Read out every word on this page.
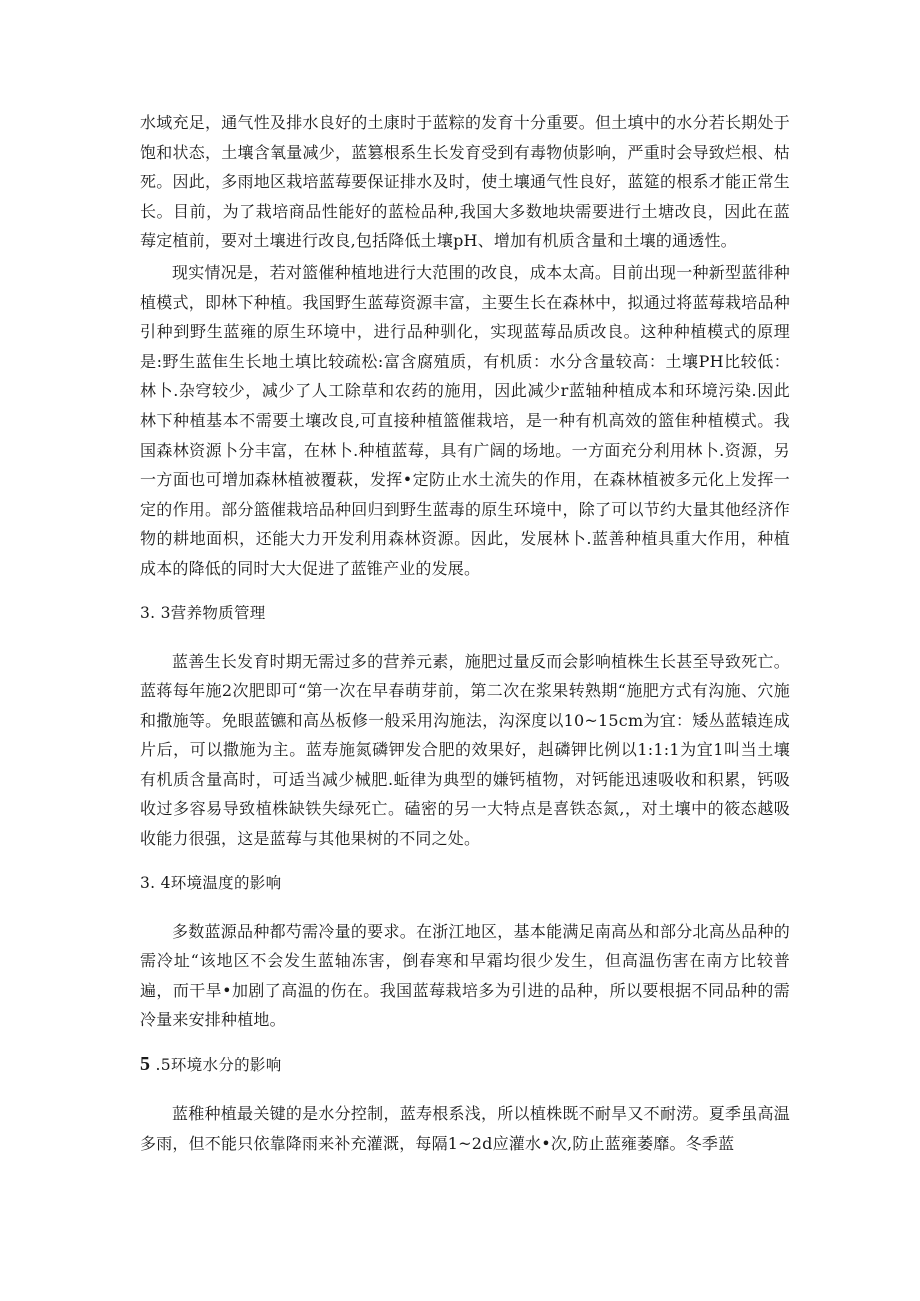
水域充足，通气性及排水良好的土康时于蓝粽的发育十分重要。但土填中的水分若长期处于饱和状态，土壤含氧量减少，蓝篡根系生长发育受到有毒物侦影响，严重时会导致烂根、枯死。因此，多雨地区栽培蓝莓要保证排水及时，使土壤通气性良好，蓝筵的根系才能正常生长。目前，为了栽培商品性能好的蓝检品种,我国大多数地块需要进行土塘改良，因此在蓝莓定植前，要对土壤进行改良,包括降低土壤pH、增加有机质含量和土壤的通透性。

现实情况是，若对篮催种植地进行大范围的改良，成本太高。目前出现一种新型蓝徘种植模式，即林下种植。我国野生蓝莓资源丰富，主要生长在森林中，拟通过将蓝莓栽培品种引种到野生蓝雍的原生环境中，进行品种驯化，实现蓝莓品质改良。这种种植模式的原理是:野生蓝隹生长地土填比较疏松:富含腐殖质，有机质：水分含量较高：土壤PH比较低：林卜.杂穹较少，减少了人工除草和农药的施用，因此减少r蓝轴种植成本和环境污染.因此林下种植基本不需要土壤改良,可直接种植篮催栽培，是一种有机高效的篮隹种植模式。我国森林资源卜分丰富，在林卜.种植蓝莓，具有广阔的场地。一方面充分利用林卜.资源，另一方面也可增加森林植被覆萩，发挥•定防止水土流失的作用，在森林植被多元化上发挥一定的作用。部分篮催栽培品种回归到野生蓝毒的原生环境中，除了可以节约大量其他经济作物的耕地面枳，还能大力开发利用森林资源。因此，发展林卜.蓝善种植具重大作用，种植成本的降低的同时大大促进了蓝锥产业的发展。

3. 3营养物质管理

蓝善生长发育时期无需过多的营养元素，施肥过量反而会影响植株生长甚至导致死亡。蓝蒋每年施2次肥即可“第一次在早春萌芽前，第二次在浆果转熟期“施肥方式有沟施、穴施和撒施等。免眼蓝镳和高丛板修一般采用沟施法，沟深度以10~15cm为宜：矮丛蓝辕连成片后，可以撒施为主。蓝寿施氮磷钾发合肥的效果好，赳磷钾比例以1:1:1为宜1叫当土壤有机质含量高时，可适当减少械肥.蚯律为典型的嫌钙植物，对钙能迅速吸收和积累，钙吸收过多容易导致植株缺铁失绿死亡。磕密的另一大特点是喜铁态氮,，对土壤中的筱态越吸收能力很强，这是蓝莓与其他果树的不同之处。

3. 4环境温度的影响

多数蓝源品种都芍需冷量的要求。在浙江地区，基本能满足南高丛和部分北高丛品种的需冷址“该地区不会发生蓝轴冻害，倒春寒和早霜均很少发生，但高温伤害在南方比较普遍，而干旱•加剧了高温的伤在。我国蓝莓栽培多为引进的品种，所以要根据不同品种的需冷量来安排种植地。

5 .5环境水分的影响

蓝稚种植最关键的是水分控制，蓝寿根系浅，所以植株既不耐旱又不耐涝。夏季虽高温多雨，但不能只依靠降雨来补充灌溉，每隔1~2d应灌水•次,防止蓝雍萎靡。冬季蓝
